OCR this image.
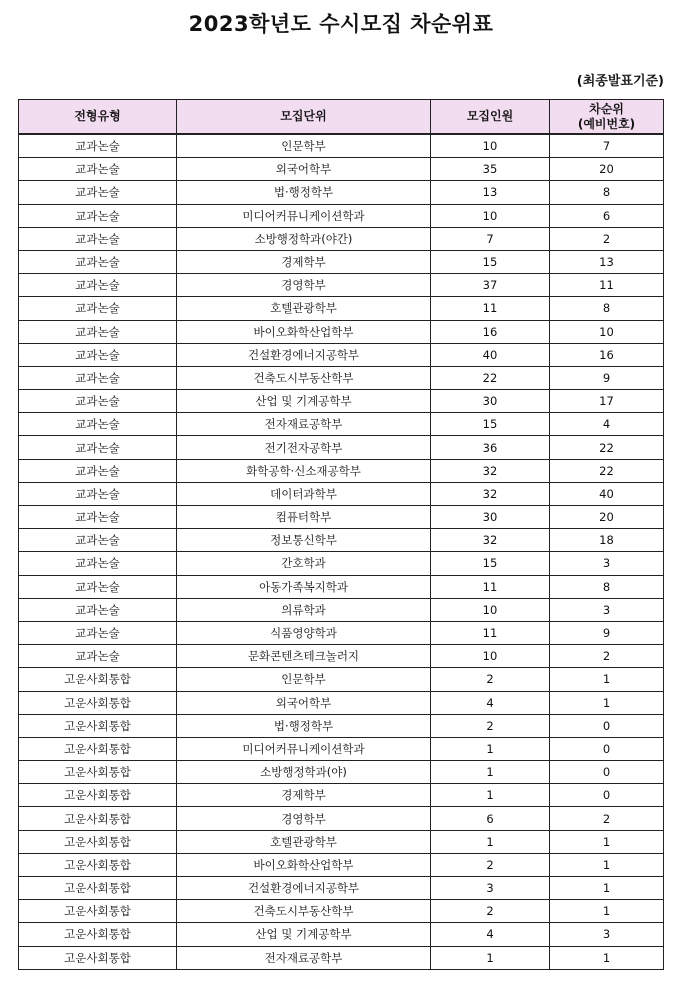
2023학년도 수시모집 차순위표
(최종발표기준)
전형유형	모집단위	모집인원	차순위
(예비번호)

교과논술	인문학부	10	7
교과논술	외국어학부	35	20
교과논술	법·행정학부	13	8
교과논술	미디어커뮤니케이션학과	10	6
교과논술	소방행정학과(야간)	7	2
교과논술	경제학부	15	13
교과논술	경영학부	37	11
교과논술	호텔관광학부	11	8
교과논술	바이오화학산업학부	16	10
교과논술	건설환경에너지공학부	40	16
교과논술	건축도시부동산학부	22	9
교과논술	산업 및 기계공학부	30	17
교과논술	전자재료공학부	15	4
교과논술	전기전자공학부	36	22
교과논술	화학공학·신소재공학부	32	22
교과논술	데이터과학부	32	40
교과논술	컴퓨터학부	30	20
교과논술	정보통신학부	32	18
교과논술	간호학과	15	3
교과논술	아동가족복지학과	11	8
교과논술	의류학과	10	3
교과논술	식품영양학과	11	9
교과논술	문화콘텐츠테크놀러지	10	2
고운사회통합	인문학부	2	1
고운사회통합	외국어학부	4	1
고운사회통합	법·행정학부	2	0
고운사회통합	미디어커뮤니케이션학과	1	0
고운사회통합	소방행정학과(야)	1	0
고운사회통합	경제학부	1	0
고운사회통합	경영학부	6	2
고운사회통합	호텔관광학부	1	1
고운사회통합	바이오화학산업학부	2	1
고운사회통합	건설환경에너지공학부	3	1
고운사회통합	건축도시부동산학부	2	1
고운사회통합	산업 및 기계공학부	4	3
고운사회통합	전자재료공학부	1	1
